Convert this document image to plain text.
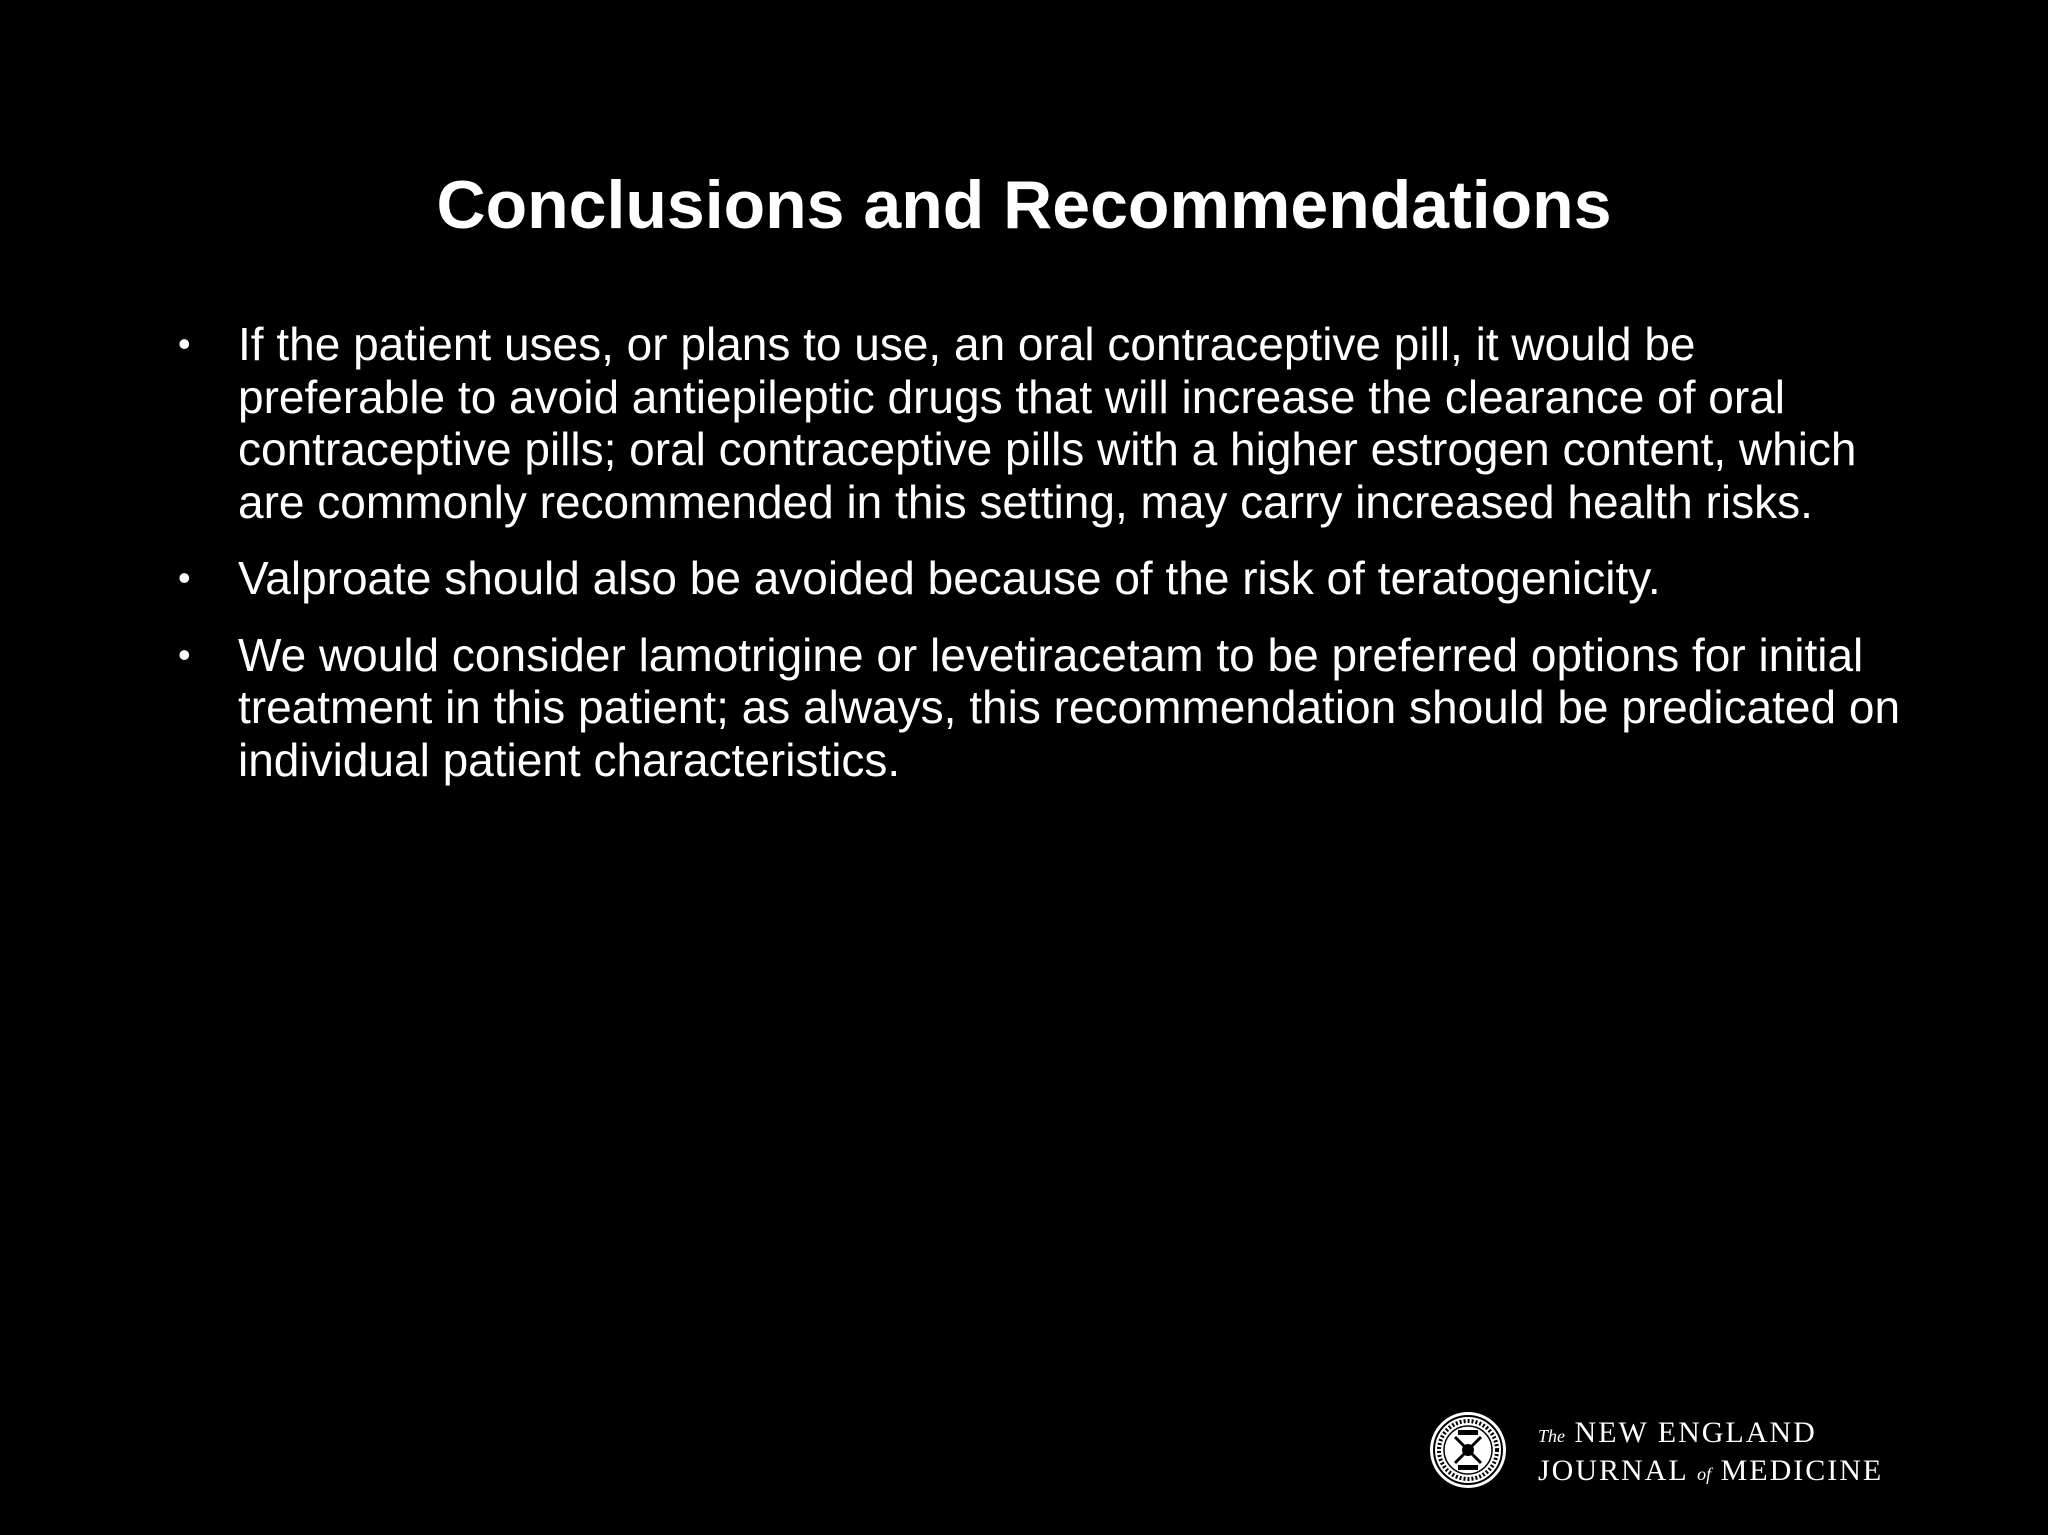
Conclusions and Recommendations
• If the patient uses, or plans to use, an oral contraceptive pill, it would be preferable to avoid antiepileptic drugs that will increase the clearance of oral contraceptive pills; oral contraceptive pills with a higher estrogen content, which are commonly recommended in this setting, may carry increased health risks.
• Valproate should also be avoided because of the risk of teratogenicity.
• We would consider lamotrigine or levetiracetam to be preferred options for initial treatment in this patient; as always, this recommendation should be predicated on individual patient characteristics.
The NEW ENGLAND
JOURNAL of MEDICINE
